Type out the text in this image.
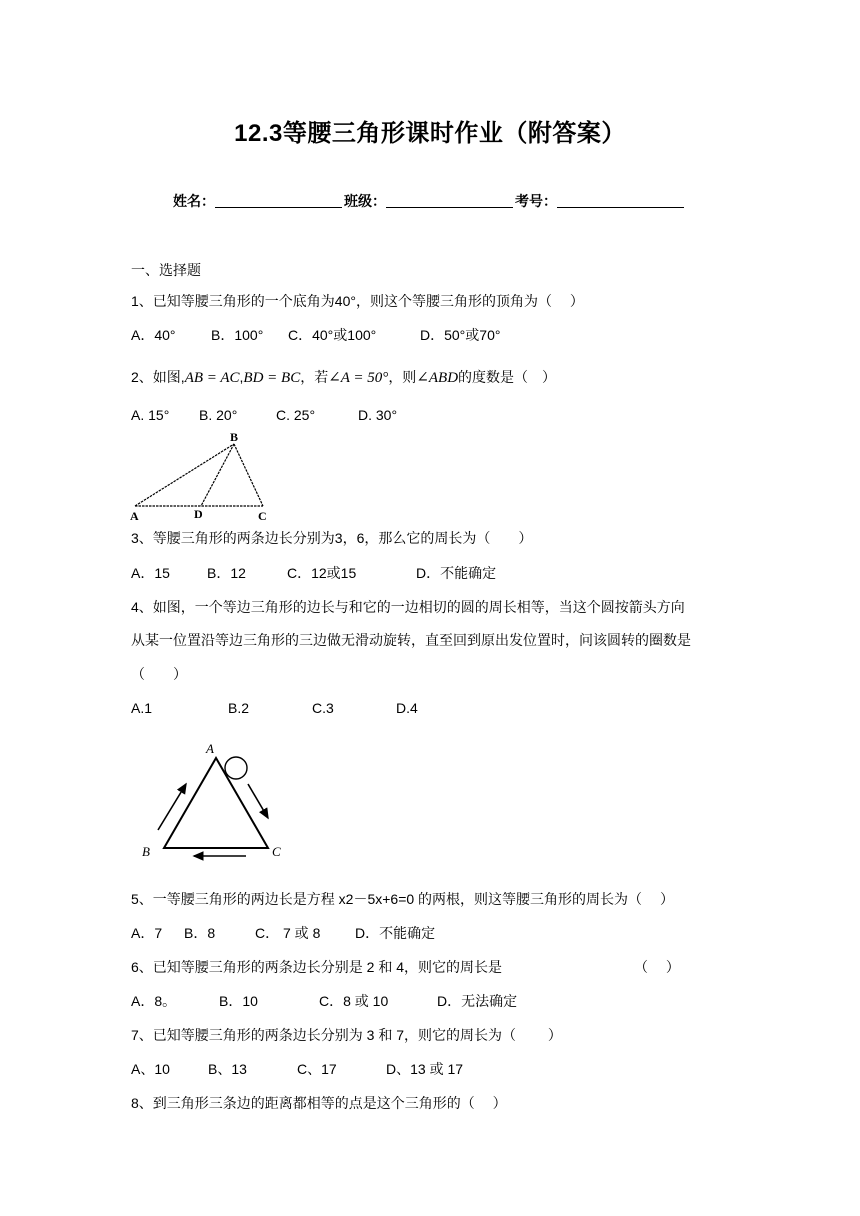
12.3等腰三角形课时作业（附答案）
姓名：	班级：	考号：
一、选择题
1、已知等腰三角形的一个底角为40°，则这个等腰三角形的顶角为（　 ）
A．40°	B．100° C．40°或100°	D．50°或70°
2、如图,AB = AC,BD = BC，若∠A = 50°，则∠ABD的度数是（　）
A. 15° B. 20°	C. 25°	D. 30°
A
B
C
D
3、等腰三角形的两条边长分别为3，6，那么它的周长为（　　）
A．15	B．12	C．12或15	D．不能确定
4、如图，一个等边三角形的边长与和它的一边相切的圆的周长相等，当这个圆按箭头方向
从某一位置沿等边三角形的三边做无滑动旋转，直至回到原出发位置时，问该圆转的圈数是
（　　）
A.1	B.2	C.3	D.4
A
B	C
5、一等腰三角形的两边长是方程 x2－5x+6=0 的两根，则这等腰三角形的周长为（　 ）
A．7 B．8	C． 7 或 8 D．不能确定
6、已知等腰三角形的两条边长分别是 2 和 4，则它的周长是	（　 ）
A．8。	B．10	C．8 或 10	D．无法确定
7、已知等腰三角形的两条边长分别为 3 和 7，则它的周长为（　　 ）
A、10	B、13	C、17	D、13 或 17
8、到三角形三条边的距离都相等的点是这个三角形的（　 ）
